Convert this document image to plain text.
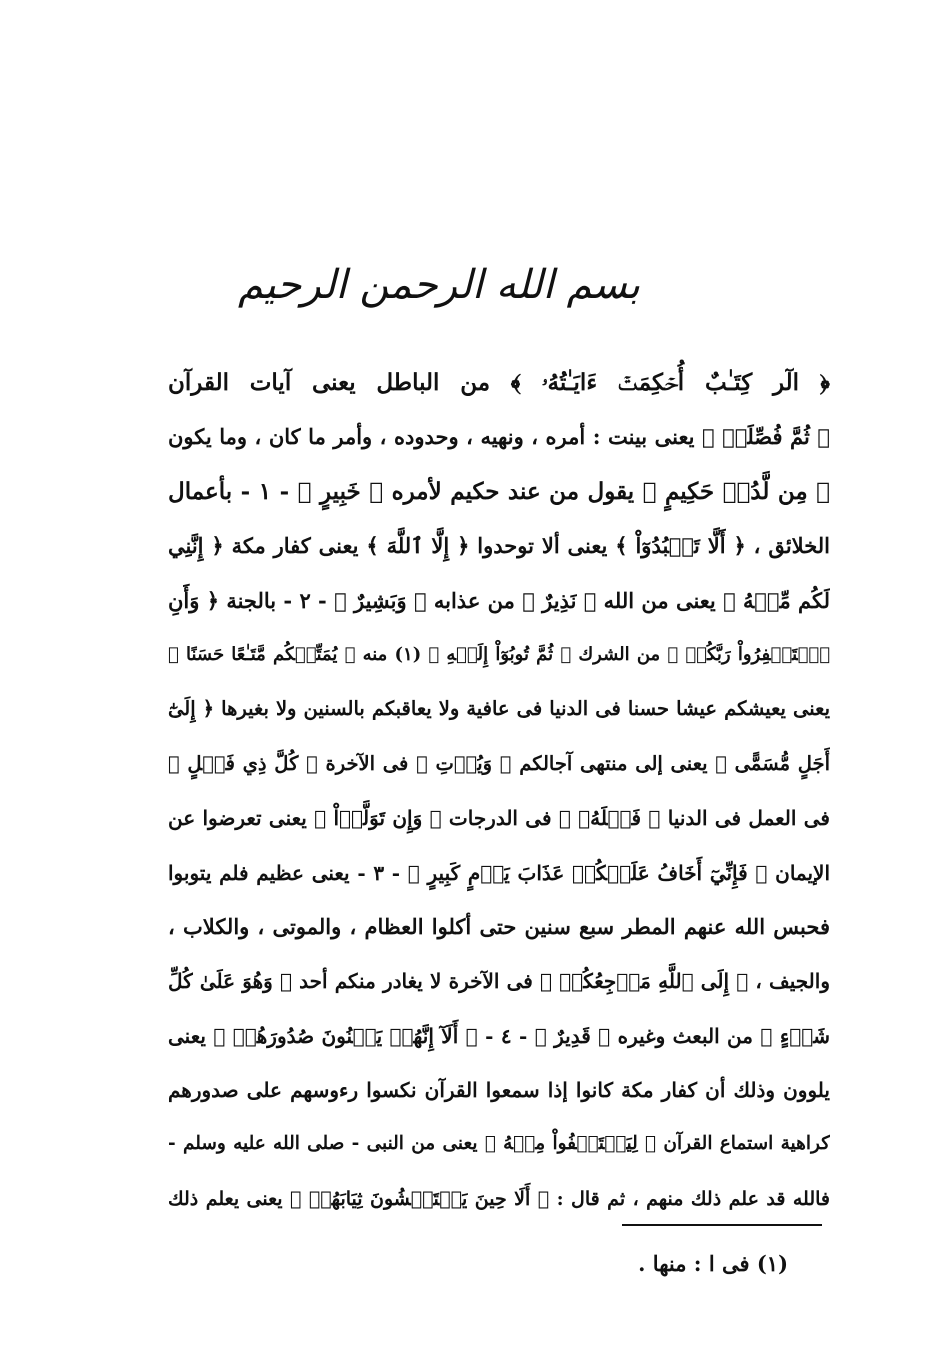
بسم الله الرحمن الرحيم
﴿ الٓر كِتَـٰبٌ أُحۡكِمَتۡ ءَايَـٰتُهُۥ ﴾ من الباطل يعنى آيات القرآن
﴿ ثُمَّ فُصِّلَتۡ ﴾ يعنى بينت : أمره ، ونهيه ، وحدوده ، وأمر ما كان ، وما يكون
﴿ مِن لَّدُنۡ حَكِيمٍ ﴾ يقول من عند حكيم لأمره ﴿ خَبِيرٍ ﴾ - ١ - بأعمال
الخلائق ، ﴿ أَلَّا تَعۡبُدُوٓاْ ﴾ يعنى ألا توحدوا ﴿ إِلَّا ٱللَّهَ ﴾ يعنى كفار مكة ﴿ إِنَّنِي
لَكُم مِّنۡهُ ﴾ يعنى من الله ﴿ نَذِيرٌ ﴾ من عذابه ﴿ وَبَشِيرٌ ﴾ - ٢ - بالجنة ﴿ وَأَنِ
ٱسۡتَغۡفِرُواْ رَبَّكُمۡ ﴾ من الشرك ﴿ ثُمَّ تُوبُوٓاْ إِلَيۡهِ ﴾ (١) منه ﴿ يُمَتِّعۡكُم مَّتَـٰعًا حَسَنًا ﴾
يعنى يعيشكم عيشا حسنا فى الدنيا فى عافية ولا يعاقبكم بالسنين ولا بغيرها ﴿ إِلَىٰٓ
أَجَلٍ مُّسَمًّى ﴾ يعنى إلى منتهى آجالكم ﴿ وَيُؤۡتِ ﴾ فى الآخرة ﴿ كُلَّ ذِي فَضۡلٍ ﴾
فى العمل فى الدنيا ﴿ فَضۡلَهُۥ ﴾ فى الدرجات ﴿ وَإِن تَوَلَّوۡاْ ﴾ يعنى تعرضوا عن
الإيمان ﴿ فَإِنِّيٓ أَخَافُ عَلَيۡكُمۡ عَذَابَ يَوۡمٍ كَبِيرٍ ﴾ - ٣ - يعنى عظيم فلم يتوبوا
فحبس الله عنهم المطر سبع سنين حتى أكلوا العظام ، والموتى ، والكلاب ،
والجيف ، ﴿ إِلَى ٱللَّهِ مَرۡجِعُكُمۡ ﴾ فى الآخرة لا يغادر منكم أحد ﴿ وَهُوَ عَلَىٰ كُلِّ
شَيۡءٍ ﴾ من البعث وغيره ﴿ قَدِيرٌ ﴾ - ٤ - ﴿ أَلَآ إِنَّهُمۡ يَثۡنُونَ صُدُورَهُمۡ ﴾ يعنى
يلوون وذلك أن كفار مكة كانوا إذا سمعوا القرآن نكسوا رءوسهم على صدورهم
كراهية استماع القرآن ﴿ لِيَسۡتَخۡفُواْ مِنۡهُ ﴾ يعنى من النبى - صلى الله عليه وسلم -
فالله قد علم ذلك منهم ، ثم قال : ﴿ أَلَا حِينَ يَسۡتَغۡشُونَ ثِيَابَهُمۡ ﴾ يعنى يعلم ذلك
(١) فى ا : منها .
